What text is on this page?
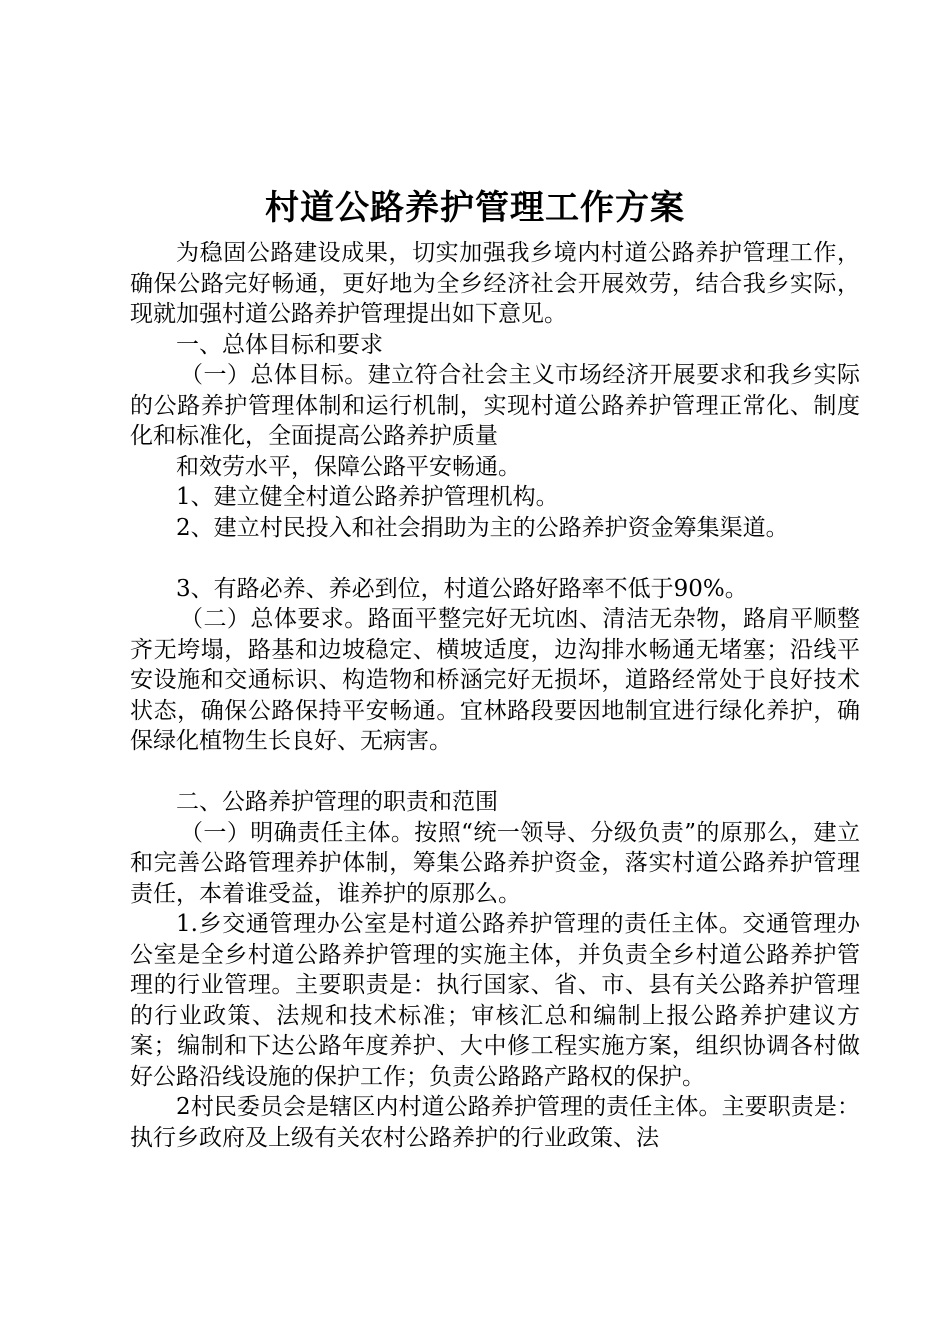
村道公路养护管理工作方案

为稳固公路建设成果，切实加强我乡境内村道公路养护管理工作，确保公路完好畅通，更好地为全乡经济社会开展效劳，结合我乡实际，现就加强村道公路养护管理提出如下意见。

一、总体目标和要求

（一）总体目标。建立符合社会主义市场经济开展要求和我乡实际的公路养护管理体制和运行机制，实现村道公路养护管理正常化、制度化和标准化，全面提高公路养护质量

和效劳水平，保障公路平安畅通。

1、建立健全村道公路养护管理机构。

2、建立村民投入和社会捐助为主的公路养护资金筹集渠道。

3、有路必养、养必到位，村道公路好路率不低于90%。

（二）总体要求。路面平整完好无坑凼、清洁无杂物，路肩平顺整齐无垮塌，路基和边坡稳定、横坡适度，边沟排水畅通无堵塞；沿线平安设施和交通标识、构造物和桥涵完好无损坏，道路经常处于良好技术状态，确保公路保持平安畅通。宜林路段要因地制宜进行绿化养护，确保绿化植物生长良好、无病害。

二、公路养护管理的职责和范围

（一）明确责任主体。按照“统一领导、分级负责”的原那么，建立和完善公路管理养护体制，筹集公路养护资金，落实村道公路养护管理责任，本着谁受益，谁养护的原那么。

1.乡交通管理办公室是村道公路养护管理的责任主体。交通管理办公室是全乡村道公路养护管理的实施主体，并负责全乡村道公路养护管理的行业管理。主要职责是：执行国家、省、市、县有关公路养护管理的行业政策、法规和技术标准；审核汇总和编制上报公路养护建议方案；编制和下达公路年度养护、大中修工程实施方案，组织协调各村做好公路沿线设施的保护工作；负责公路路产路权的保护。

2村民委员会是辖区内村道公路养护管理的责任主体。主要职责是：执行乡政府及上级有关农村公路养护的行业政策、法
